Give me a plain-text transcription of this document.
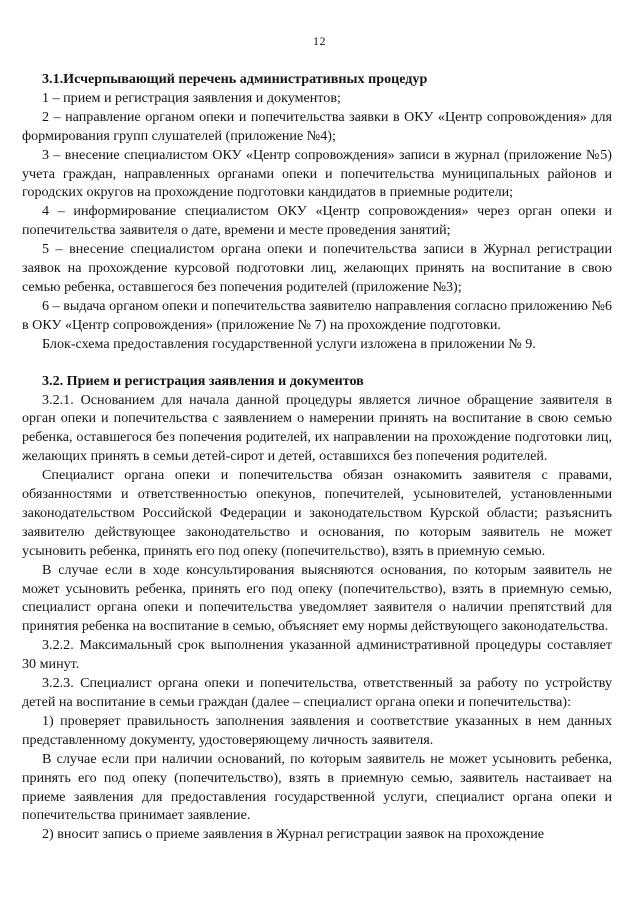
12

3.1.Исчерпывающий перечень административных процедур

1 – прием и регистрация заявления и документов;

2 – направление органом опеки и попечительства заявки в ОКУ «Центр сопровождения» для формирования групп слушателей (приложение №4);

3 – внесение специалистом ОКУ «Центр сопровождения» записи в журнал (приложение №5) учета граждан, направленных органами опеки и попечительства муниципальных районов и городских округов на прохождение подготовки кандидатов в приемные родители;

4 – информирование специалистом ОКУ «Центр сопровождения» через орган опеки и попечительства заявителя о дате, времени и месте проведения занятий;

5 – внесение специалистом органа опеки и попечительства записи в Журнал регистрации заявок на прохождение курсовой подготовки лиц, желающих принять на воспитание в свою семью ребенка, оставшегося без попечения родителей (приложение №3);

6 – выдача органом опеки и попечительства заявителю направления согласно приложению №6 в ОКУ «Центр сопровождения» (приложение № 7) на прохождение подготовки.

Блок-схема предоставления государственной услуги изложена в приложении № 9.

3.2. Прием и регистрация заявления и документов

3.2.1. Основанием для начала данной процедуры является личное обращение заявителя в орган опеки и попечительства с заявлением о намерении принять на воспитание в свою семью ребенка, оставшегося без попечения родителей, их направлении на прохождение подготовки лиц, желающих принять в семьи детей-сирот и детей, оставшихся без попечения родителей.

Специалист органа опеки и попечительства обязан ознакомить заявителя с правами, обязанностями и ответственностью опекунов, попечителей, усыновителей, установленными законодательством Российской Федерации и законодательством Курской области; разъяснить заявителю действующее законодательство и основания, по которым заявитель не может усыновить ребенка, принять его под опеку (попечительство), взять в приемную семью.

В случае если в ходе консультирования выясняются основания, по которым заявитель не может усыновить ребенка, принять его под опеку (попечительство), взять в приемную семью, специалист органа опеки и попечительства уведомляет заявителя о наличии препятствий для принятия ребенка на воспитание в семью, объясняет ему нормы действующего законодательства.

3.2.2. Максимальный срок выполнения указанной административной процедуры составляет 30 минут.

3.2.3. Специалист органа опеки и попечительства, ответственный за работу по устройству детей на воспитание в семьи граждан (далее – специалист органа опеки и попечительства):

1) проверяет правильность заполнения заявления и соответствие указанных в нем данных представленному документу, удостоверяющему личность заявителя.

В случае если при наличии оснований, по которым заявитель не может усыновить ребенка, принять его под опеку (попечительство), взять в приемную семью, заявитель настаивает на приеме заявления для предоставления государственной услуги, специалист органа опеки и попечительства принимает заявление.

2) вносит запись о приеме заявления в Журнал регистрации заявок на прохождение
